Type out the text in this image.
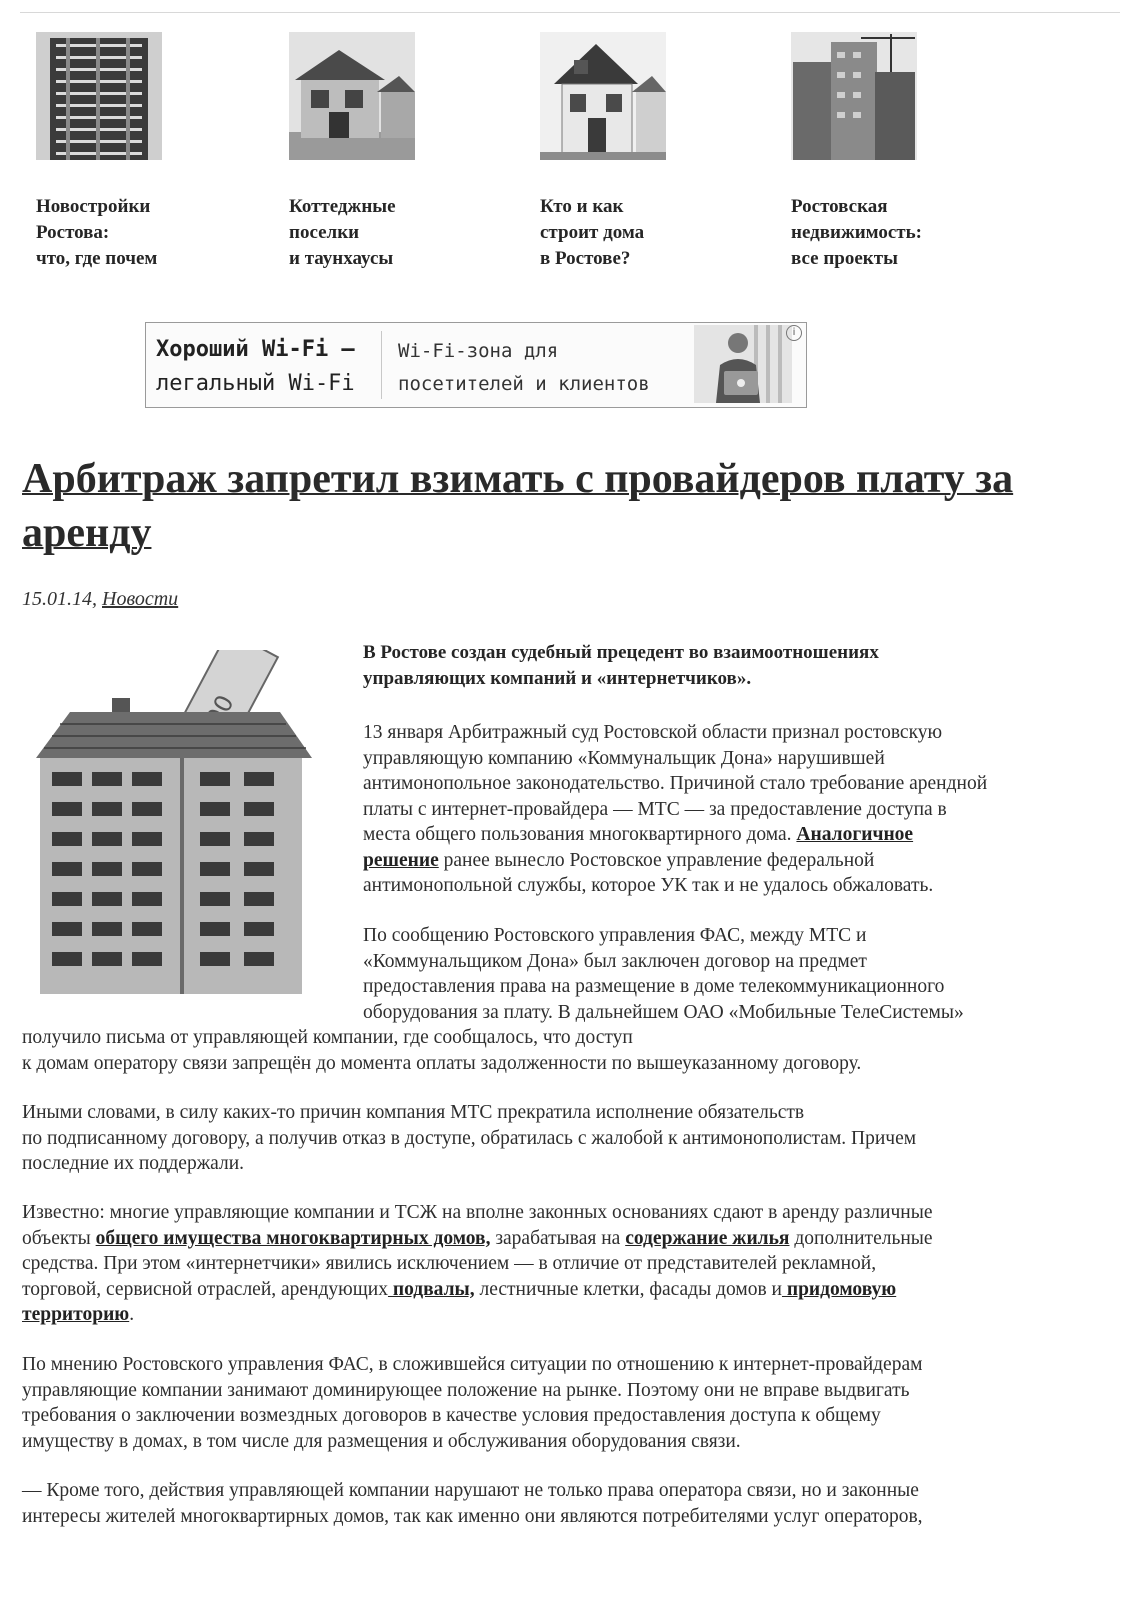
Новостройки
Ростова:
что, где почем
Коттеджные
поселки
и таунхаусы
Кто и как
строит дома
в Ростове?
Ростовская
недвижимость:
все проекты
Хороший Wi-Fi —
легальный Wi-Fi
Wi-Fi-зона для
посетителей и клиентов
i
Арбитраж запретил взимать с провайдеров плату за аренду
15.01.14, Новости
В Ростове создан судебный прецедент во взаимоотношениях
управляющих компаний и «интернетчиков».
13 января Арбитражный суд Ростовской области признал ростовскую
управляющую компанию «Коммунальщик Дона» нарушившей
антимонопольное законодательство. Причиной стало требование арендной
платы с интернет-провайдера — МТС — за предоставление доступа в
места общего пользования многоквартирного дома. Аналогичное
решение ранее вынесло Ростовское управление федеральной
антимонопольной службы, которое УК так и не удалось обжаловать.
По сообщению Ростовского управления ФАС, между МТС и
«Коммунальщиком Дона» был заключен договор на предмет
предоставления права на размещение в доме телекоммуникационного
оборудования за плату. В дальнейшем ОАО «Мобильные ТелеСистемы»
получило письма от управляющей компании, где сообщалось, что доступ
к домам оператору связи запрещён до момента оплаты задолженности по вышеуказанному договору.
Иными словами, в силу каких-то причин компания МТС прекратила исполнение обязательств
по подписанному договору, а получив отказ в доступе, обратилась с жалобой к антимонополистам. Причем
последние их поддержали.
Известно: многие управляющие компании и ТСЖ на вполне законных основаниях сдают в аренду различные
объекты общего имущества многоквартирных домов, зарабатывая на содержание жилья дополнительные
средства. При этом «интернетчики» явились исключением — в отличие от представителей рекламной,
торговой, сервисной отраслей, арендующих подвалы, лестничные клетки, фасады домов и придомовую
территорию.
По мнению Ростовского управления ФАС, в сложившейся ситуации по отношению к интернет-провайдерам
управляющие компании занимают доминирующее положение на рынке. Поэтому они не вправе выдвигать
требования о заключении возмездных договоров в качестве условия предоставления доступа к общему
имуществу в домах, в том числе для размещения и обслуживания оборудования связи.
— Кроме того, действия управляющей компании нарушают не только права оператора связи, но и законные
интересы жителей многоквартирных домов, так как именно они являются потребителями услуг операторов,
